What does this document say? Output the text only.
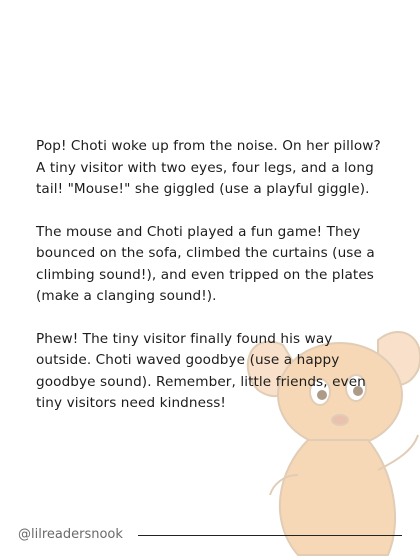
Pop! Choti woke up from the noise. On her pillow? A tiny visitor with two eyes, four legs, and a long tail! "Mouse!" she giggled (use a playful giggle).

The mouse and Choti played a fun game! They bounced on the sofa, climbed the curtains (use a climbing sound!), and even tripped on the plates (make a clanging sound!).

Phew! The tiny visitor finally found his way outside. Choti waved goodbye (use a happy goodbye sound). Remember, little friends, even tiny visitors need kindness!

@lilreadersnook
